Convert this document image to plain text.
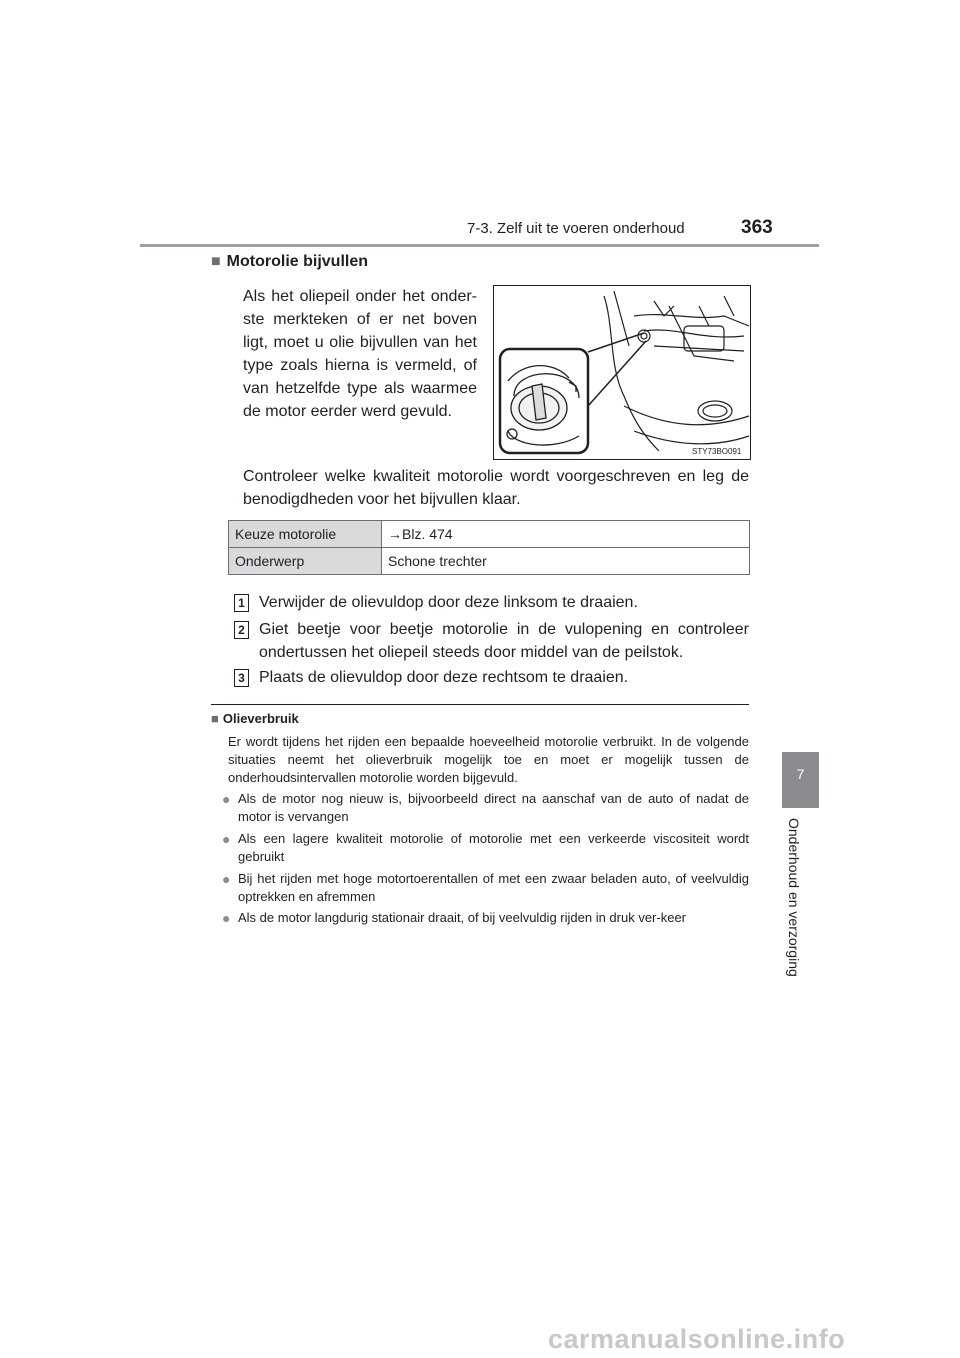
7-3. Zelf uit te voeren onderhoud	363
7
Onderhoud en verzorging
■ Motorolie bijvullen
Als het oliepeil onder het onder-ste merkteken of er net boven ligt, moet u olie bijvullen van het type zoals hierna is vermeld, of van hetzelfde type als waarmee de motor eerder werd gevuld.
STY73BO091
Controleer welke kwaliteit motorolie wordt voorgeschreven en leg de benodigdheden voor het bijvullen klaar.
Keuze motorolie	→Blz. 474
Onderwerp	Schone trechter
1 Verwijder de olievuldop door deze linksom te draaien.
2 Giet beetje voor beetje motorolie in de vulopening en controleer ondertussen het oliepeil steeds door middel van de peilstok.
3 Plaats de olievuldop door deze rechtsom te draaien.
■ Olieverbruik
Er wordt tijdens het rijden een bepaalde hoeveelheid motorolie verbruikt. In de volgende situaties neemt het olieverbruik mogelijk toe en moet er mogelijk tussen de onderhoudsintervallen motorolie worden bijgevuld.
● Als de motor nog nieuw is, bijvoorbeeld direct na aanschaf van de auto of nadat de motor is vervangen
● Als een lagere kwaliteit motorolie of motorolie met een verkeerde viscositeit wordt gebruikt
● Bij het rijden met hoge motortoerentallen of met een zwaar beladen auto, of veelvuldig optrekken en afremmen
● Als de motor langdurig stationair draait, of bij veelvuldig rijden in druk ver-keer
carmanualsonline.info
